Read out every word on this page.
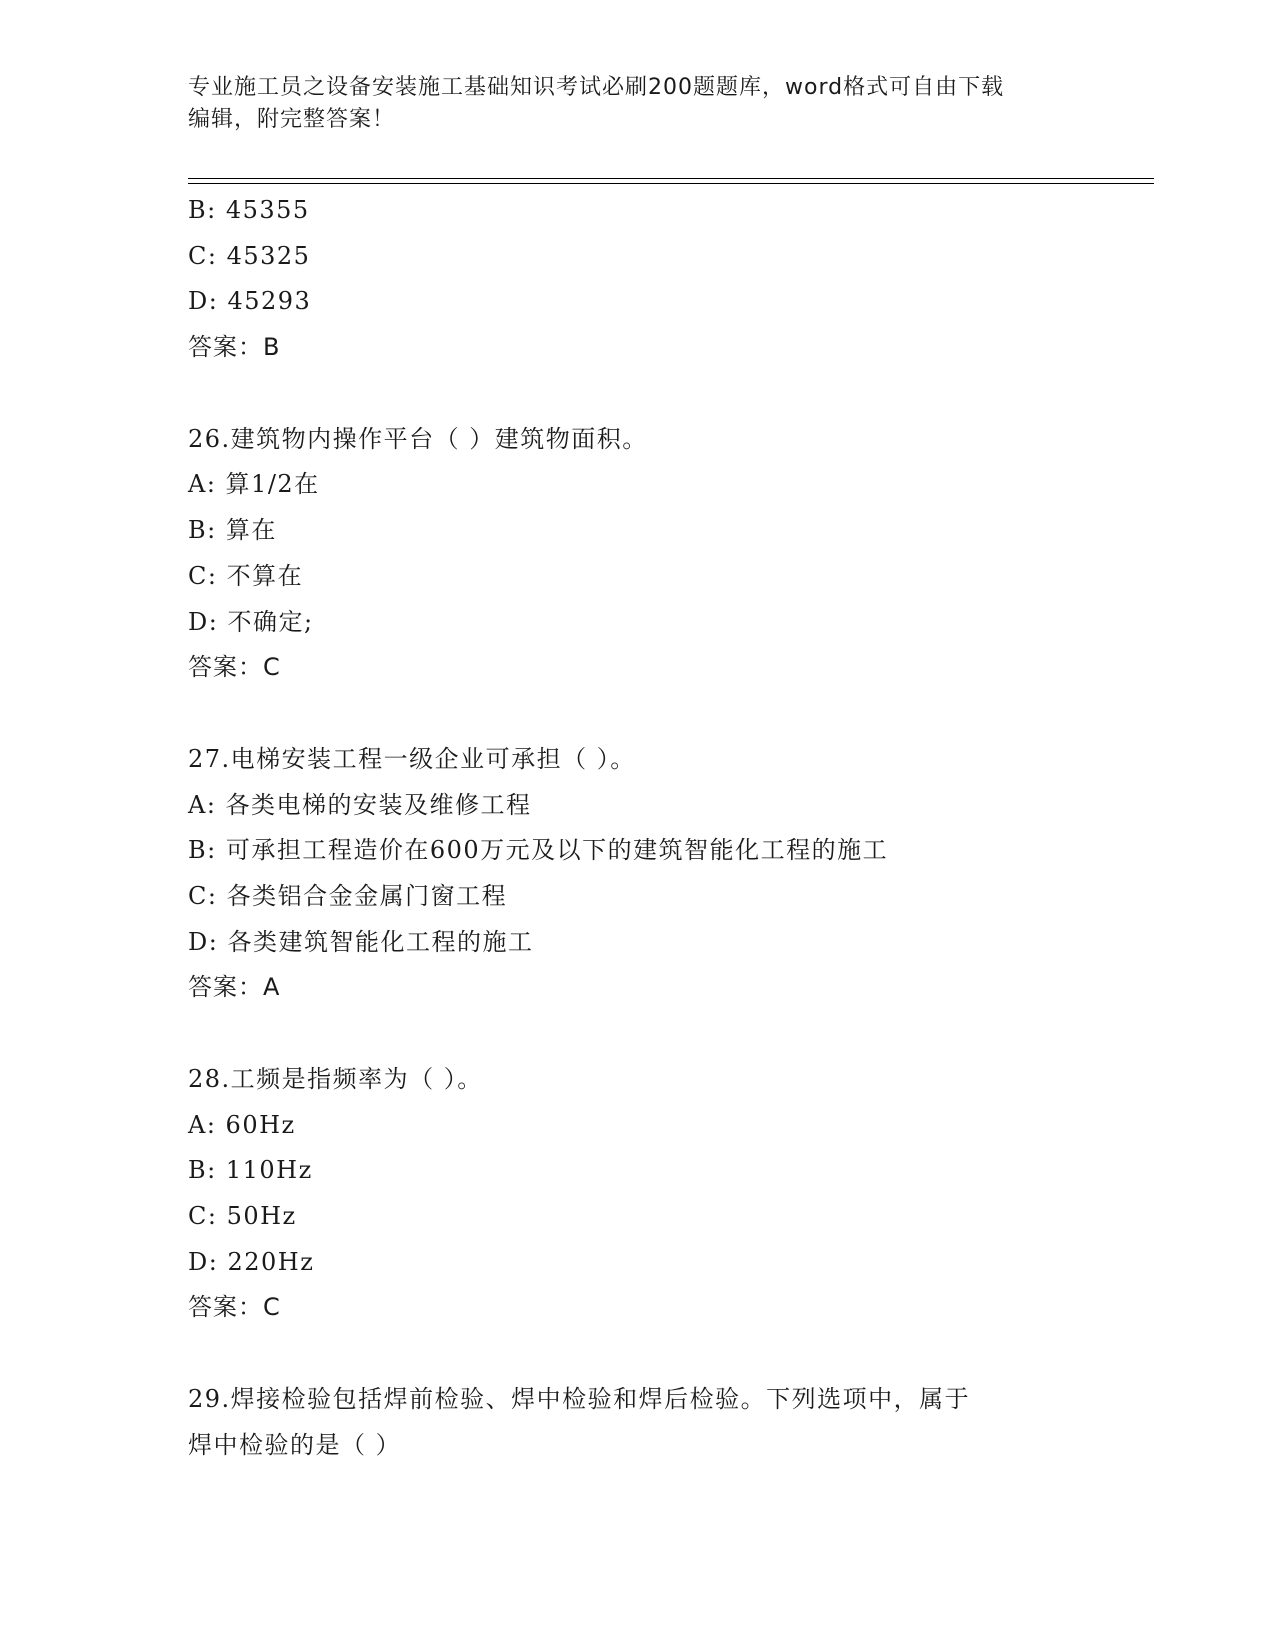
专业施工员之设备安装施工基础知识考试必刷200题题库，word格式可自由下载
编辑，附完整答案！
B: 45355
C: 45325
D: 45293
答案：B
26.建筑物内操作平台（ ）建筑物面积。
A: 算1/2在
B: 算在
C: 不算在
D: 不确定;
答案：C
27.电梯安装工程一级企业可承担（ ）。
A: 各类电梯的安装及维修工程
B: 可承担工程造价在600万元及以下的建筑智能化工程的施工
C: 各类铝合金金属门窗工程
D: 各类建筑智能化工程的施工
答案：A
28.工频是指频率为（ ）。
A: 60Hz
B: 110Hz
C: 50Hz
D: 220Hz
答案：C
29.焊接检验包括焊前检验、焊中检验和焊后检验。下列选项中，属于
焊中检验的是（ ）
